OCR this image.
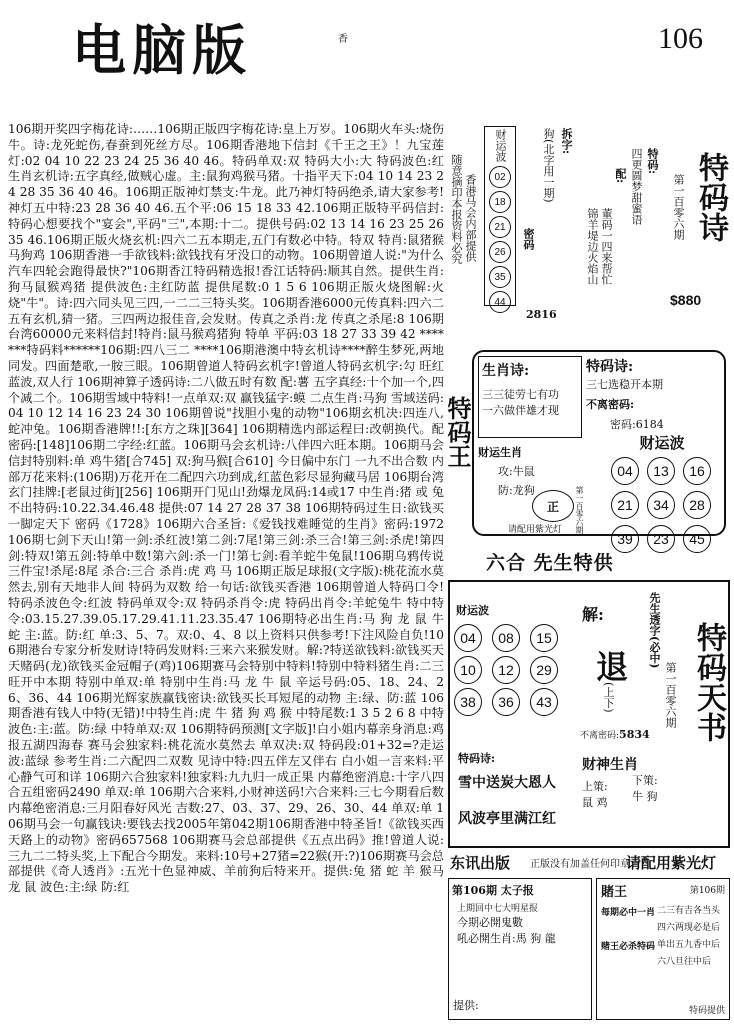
电脑版	香	106
106期开奖四字梅花诗:……106期正版四字梅花诗:皇上万岁。106期火车头:烧伤牛。诗:龙死蛇伤,春蚕到死丝方尽。106期香港地下信封《千王之王》！九宝莲灯:02 04 10 22 23 24 25 36 40 46。特码单双:双 特码大小:大 特码波色:红 生肖玄机诗:五字真经,做贼心虚。主:鼠狗鸡猴马猪。十指平天下:04 10 14 23 24 28 35 36 40 46。106期正版神灯禁支:牛龙。此乃神灯特码绝杀,请大家参考!神灯五中特:23 28 36 40 46.五个平:06 15 18 33 42.106期正版特平码信封:特码心想要找个"宴会",平码"三",本期:十二。提供号码:02 13 14 16 23 25 26 35 46.106期正版火烧玄机:四六二五本期走,五门有数必中特。特双 特肖:鼠猪猴马狗鸡 106期香港一手欲钱料:欲钱找有牙没口的动物。106期曾道人说:"为什么汽车四轮会跑得最快?"106期香江特码精选报!香江话特码:顺其自然。提供生肖:狗马鼠猴鸡猪 提供波色:主红防蓝 提供尾数:0 1 5 6 106期正版火烧图解:火烧"牛"。诗:四六同头见三四,一二二三特头奖。106期香港6000元传真料:四六二五有玄机,猜一猪。三四两边报佳音,会发财。传真之杀肖:龙 传真之杀尾:8 106期台湾60000元来料信封!特肖:鼠马猴鸡猪狗 特单 平码:03 18 27 33 39 42 *******特码料******106期:四八三二 ****106期港澳中特玄机诗****醉生梦死,两地同发。四面楚歌,一胺三眼。106期曾道人特码玄机字!曾道人特码玄机字:勾 旺红蓝波,双人行 106期神算子透码诗:二八做五时有数 配:薯 五字真经:十个加一个,四个减二个。106期雪域中特料!一点单双:双 赢钱猛字:蟆 二点生肖:马狗 雪域送码:04 10 12 14 16 23 24 30 106期曾说"找胆小鬼的动物"106期玄机决:四连八,蛇冲兔。106期香港牌!!:[东方之珠][364] 106期精选内部运程曰:改朝换代。配密码:[148]106期二字经:红蓝。106期马会玄机诗:八伴四六旺本期。106期马会信封特别料:单 鸡牛猪[合745] 双:狗马猴[合610] 今日偏中东门 一九不出合数 内部万花来料:(106期)万花开在二配四六功到成,红蓝色彩尽显狗藏马居 106期台湾玄门挂牌:[老鼠过街][256] 106期开门见山!劲爆龙凤码:14或17 中生肖:猪 或 兔 不出特码:10.22.34.46.48 提供:07 14 27 28 37 38 106期特码过生日:欲钱买一脚定天下 密码《1728》106期六合圣旨:《爱钱找难睡觉的生肖》密码:1972 106期七剑下天山!第一剑:杀红波!第二剑:7尾!第三剑:杀三合!第三剑:杀虎!第四剑:特双!第五剑:特单中数!第六剑:杀一门!第七剑:看羊蛇牛兔鼠!106期乌鸦传说三件宝!杀尾:8尾 杀合:三合 杀肖:虎 鸡 马 106期正版足球报(文字版):桃花流水莫然去,别有天地非人间 特码为双数 给一句话:欲钱买香港 106期曾道人特码口令!特码杀波色令:红波 特码单双令:双 特码杀肖令:虎 特码出肖令:羊蛇兔牛 特中特令:03.15.27.39.05.17.29.41.11.23.35.47 106期特必出生肖:马 狗 龙 鼠 牛 蛇 主:蓝。防:红 单:3、5、7。双:0、4、8 以上资料只供参考!下注风险自负!106期港台专家分析发财诗!特码发财料:三来六来猴发财。解:?特送欲钱料:欲钱买天天赌码(龙)欲钱买金冠帽子(鸡)106期赛马会特别中特料!特别中特料猪生肖:二三旺开中本期 特别中单双:单 特别中生肖:马 龙 牛 鼠 辛运号码:05、18、24、26、36、44 106期光辉家族赢钱密诀:欲钱买长耳短尾的动物 主:绿、防:蓝 106期香港有钱人中特(无错)!中特生肖:虎 牛 猪 狗 鸡 猴 中特尾数:1 3 5 2 6 8 中特波色:主:蓝。防:绿 中特单双:双 106期特码预测[文字版]!白小姐内幕亲身消息:鸡报五湖四海春 赛马会独家料:桃花流水莫然去 单双决:双 特码段:01+32=?走运波:蓝绿 参考生肖:二六配四二双数 见诗中特:四五伴左又伴右 白小姐一言来料:平心静气可和详 106期六合独家料!独家料:九九归一成正果 内幕绝密消息:十字八四合五组密码2490 单双:单 106期六合来料,小财神送码!六合来料:三七今期看后数 内幕绝密消息:三月阳春好风光 吉数:27、03、37、29、26、30、44 单双:单 106期马会一句赢钱诀:要钱去找2005年第042期106期香港中特圣旨!《欲钱买西天路上的动物》密码657568 106期赛马会总部提供《五点出码》推!曾道人说:三九二二特头奖,上下配合今期发。来料:10号+27猪=22猴(开:?)106期赛马会总部提供《奇人透肖》:五光十色显神威、羊前狗后特来开。提供:兔 猪 蛇 羊 猴马 龙 鼠 波色:主:绿 防:红
随意摘印本报资料必究 香港马会内部提供
财运波
02
18
21
26
35
44
拆字:
狗(北字用一期)
密码
2816
特码:
四更圆梦甜蜜语
配:
董码一四来帮忙
锦羊堤边火焰山
第一百零六期 特码诗
$880
特码王
生肖诗:
三三徒劳七有功
一六做伴雄才现
特码诗:
三七选稳开本期
不离密码:
密码:6184
财运生肖
攻:牛鼠
防:龙狗
正 第一百零六期
请配用紫光灯
财运波
04	13	16
21	34	28
39	23	45
六合 先生特供
财运波
04	08	15
10	12	29
38	36	43
解:
退
(上下)
先生透字(必中)
不离密码:5834
特码诗:
雪中送炭大恩人
风波亭里满江红
财神生肖
上策:
鼠 鸡
下策:
牛 狗
特码天书
第一百零六期
东讯出版 正版没有加盖任何印章
请配用紫光灯
第106期 太子报
上期回中七大明星报
今期必開鬼數
吼必開生肖:馬 狗 龍
提供:
賭王	第106期
每期必中一肖
赌王必杀特码
二三有吉各当头
四六两现必是后
单出五九香中后
六八旦往中后
特码提供
